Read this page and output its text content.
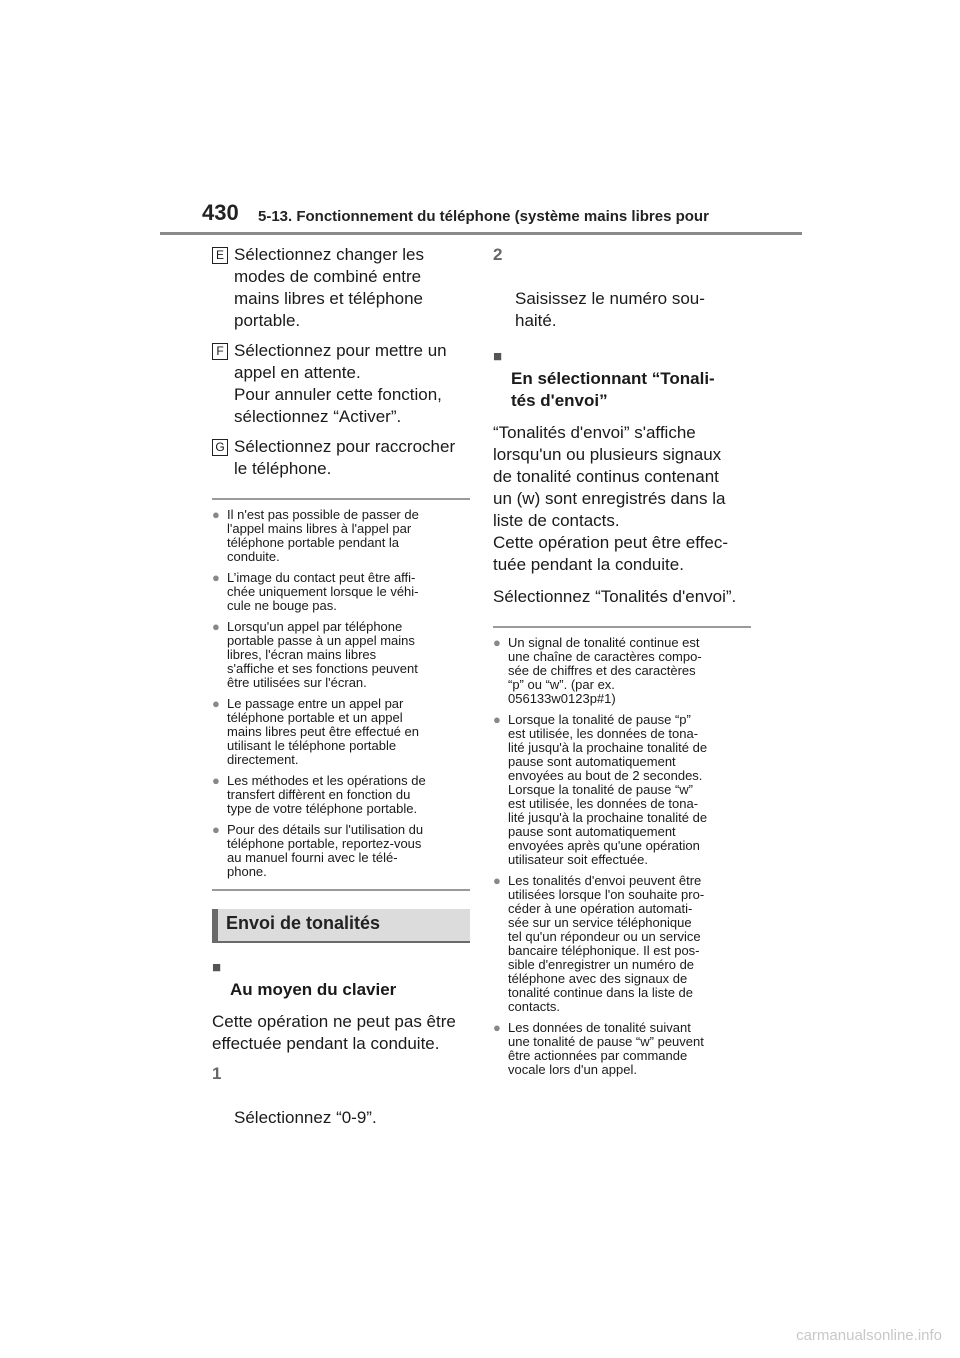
430 5-13. Fonctionnement du téléphone (système mains libres pour
E Sélectionnez changer les
modes de combiné entre
mains libres et téléphone
portable.
F Sélectionnez pour mettre un
appel en attente.
Pour annuler cette fonction,
sélectionnez “Activer”.
G Sélectionnez pour raccrocher
le téléphone.
● Il n'est pas possible de passer de
l'appel mains libres à l'appel par
téléphone portable pendant la
conduite.
● L’image du contact peut être affi-
chée uniquement lorsque le véhi-
cule ne bouge pas.
● Lorsqu'un appel par téléphone
portable passe à un appel mains
libres, l'écran mains libres
s'affiche et ses fonctions peuvent
être utilisées sur l'écran.
● Le passage entre un appel par
téléphone portable et un appel
mains libres peut être effectué en
utilisant le téléphone portable
directement.
● Les méthodes et les opérations de
transfert diffèrent en fonction du
type de votre téléphone portable.
● Pour des détails sur l'utilisation du
téléphone portable, reportez-vous
au manuel fourni avec le télé-
phone.
Envoi de tonalités

■
Au moyen du clavier

Cette opération ne peut pas être
effectuée pendant la conduite.

1

Sélectionnez “0-9”.

2

Saisissez le numéro sou-
haité.

■
En sélectionnant “Tonali-
tés d'envoi”

“Tonalités d'envoi” s'affiche
lorsqu'un ou plusieurs signaux
de tonalité continus contenant
un (w) sont enregistrés dans la
liste de contacts.
Cette opération peut être effec-
tuée pendant la conduite.
Sélectionnez “Tonalités d'envoi”.
● Un signal de tonalité continue est
une chaîne de caractères compo-
sée de chiffres et des caractères
“p” ou “w”. (par ex.
056133w0123p#1)
● Lorsque la tonalité de pause “p”
est utilisée, les données de tona-
lité jusqu'à la prochaine tonalité de
pause sont automatiquement
envoyées au bout de 2 secondes.
Lorsque la tonalité de pause “w”
est utilisée, les données de tona-
lité jusqu'à la prochaine tonalité de
pause sont automatiquement
envoyées après qu'une opération
utilisateur soit effectuée.
● Les tonalités d'envoi peuvent être
utilisées lorsque l'on souhaite pro-
céder à une opération automati-
sée sur un service téléphonique
tel qu'un répondeur ou un service
bancaire téléphonique. Il est pos-
sible d'enregistrer un numéro de
téléphone avec des signaux de
tonalité continue dans la liste de
contacts.
● Les données de tonalité suivant
une tonalité de pause “w” peuvent
être actionnées par commande
vocale lors d'un appel.
carmanualsonline.info
